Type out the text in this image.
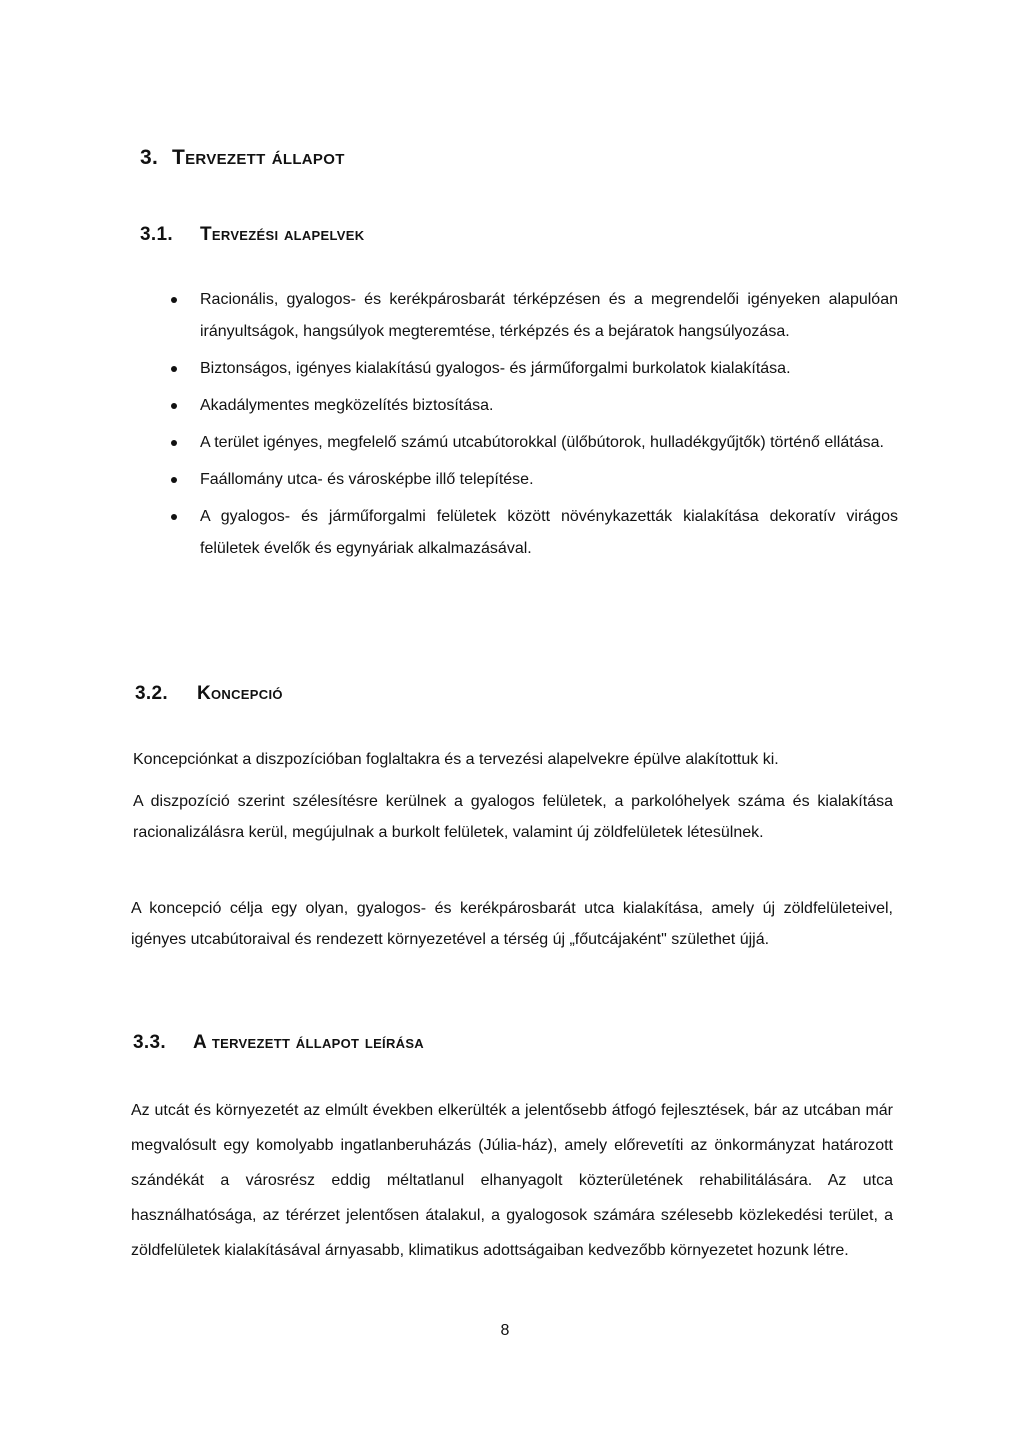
3. Tervezett állapot
3.1. Tervezési alapelvek
Racionális, gyalogos- és kerékpárosbarát térképzésen és a megrendelői igényeken alapulóan irányultságok, hangsúlyok megteremtése, térképzés és a bejáratok hangsúlyozása.
Biztonságos, igényes kialakítású gyalogos- és járműforgalmi burkolatok kialakítása.
Akadálymentes megközelítés biztosítása.
A terület igényes, megfelelő számú utcabútorokkal (ülőbútorok, hulladékgyűjtők) történő ellátása.
Faállomány utca- és városképbe illő telepítése.
A gyalogos- és járműforgalmi felületek között növénykazetták kialakítása dekoratív virágos felületek évelők és egynyáriak alkalmazásával.
3.2. Koncepció

Koncepciónkat a diszpozícióban foglaltakra és a tervezési alapelvekre épülve alakítottuk ki.

A diszpozíció szerint szélesítésre kerülnek a gyalogos felületek, a parkolóhelyek száma és kialakítása racionalizálásra kerül, megújulnak a burkolt felületek, valamint új zöldfelületek létesülnek.

A koncepció célja egy olyan, gyalogos- és kerékpárosbarát utca kialakítása, amely új zöldfelületeivel, igényes utcabútoraival és rendezett környezetével a térség új „főutcájaként" születhet újjá.

3.3. A tervezett állapot leírása

Az utcát és környezetét az elmúlt években elkerülték a jelentősebb átfogó fejlesztések, bár az utcában már megvalósult egy komolyabb ingatlanberuházás (Júlia-ház), amely előrevetíti az önkormányzat határozott szándékát a városrész eddig méltatlanul elhanyagolt közterületének rehabilitálására. Az utca használhatósága, az térérzet jelentősen átalakul, a gyalogosok számára szélesebb közlekedési terület, a zöldfelületek kialakításával árnyasabb, klimatikus adottságaiban kedvezőbb környezetet hozunk létre.

8
